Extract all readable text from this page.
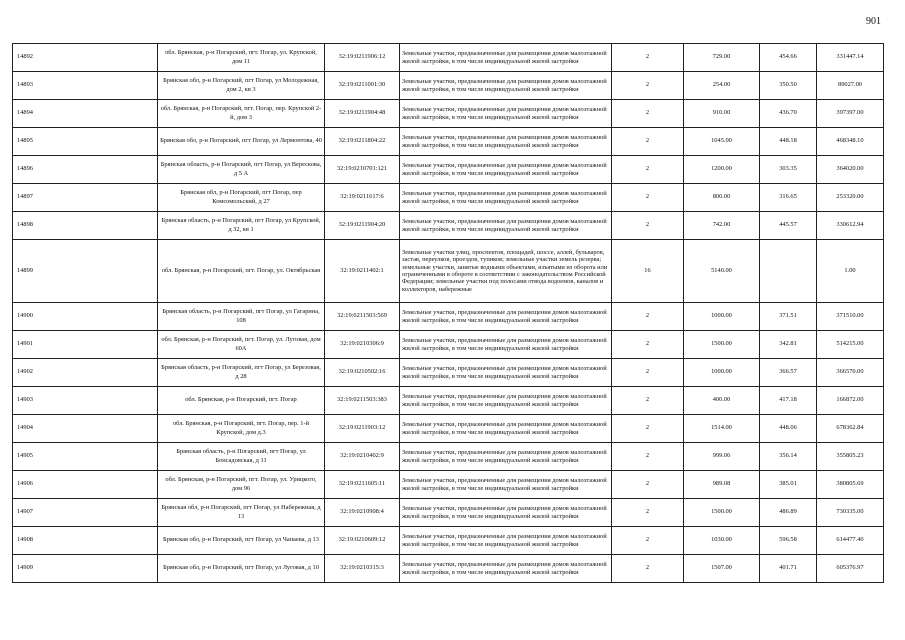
901
14892	обл. Брянская, р-н Погарский, пгт. Погар, ул. Крупской, дом 11	32:19:0211906:12	Земельные участки, предназначенные для размещения домов малоэтажной жилой застройки, в том числе индивидуальной жилой застройки	2	729.00	454.66	331447.14
14893	Брянская обл, р-н Погарский, пгт Погар, ул Молодежная, дом 2, кв 3	32:19:0211001:30	Земельные участки, предназначенные для размещения домов малоэтажной жилой застройки, в том числе индивидуальной жилой застройки	2	254.00	350.50	89027.00
14894	обл. Брянская, р-н Погарский, пгт. Погар, пер. Крупской 2-й, дом 3	32:19:0211904:48	Земельные участки, предназначенные для размещения домов малоэтажной жилой застройки, в том числе индивидуальной жилой застройки	2	910.00	436.70	397397.00
14895	Брянская обл, р-н Погарский, пгт Погар, ул Лермонтова, 40	32:19:0211804:22	Земельные участки, предназначенные для размещения домов малоэтажной жилой застройки, в том числе индивидуальной жилой застройки	2	1045.00	448.18	468348.10
14896	Брянская область, р-н Погарский, пгт Погар, ул Верескова, д 5 А	32:19:0210701:121	Земельные участки, предназначенные для размещения домов малоэтажной жилой застройки, в том числе индивидуальной жилой застройки	2	1200.00	303.35	364020.00
14897	Брянская обл, р-н Погарский, пгт Погар, пер Комсомольский, д 27	32:19:0211617:6	Земельные участки, предназначенные для размещения домов малоэтажной жилой застройки, в том числе индивидуальной жилой застройки	2	800.00	316.65	253320.00
14898	Брянская область, р-н Погарский, пгт Погар, ул Крупской, д 32, кв 1	32:19:0211904:20	Земельные участки, предназначенные для размещения домов малоэтажной жилой застройки, в том числе индивидуальной жилой застройки	2	742.00	445.57	330612.94
14899	обл. Брянская, р-н Погарский, пгт. Погар, ул. Октябрьская	32:19:0211402:1	Земельные участки улиц, проспектов, площадей, шоссе, аллей, бульваров, застав, переулков, проездов, тупиков; земельные участки земель резерва; земельные участки, занятые водными объектами, изъятыми из оборота или ограниченными в обороте в соответствии с законодательством Российской Федерации; земельные участки под полосами отвода водоемов, каналов и коллекторов, набережные	16	5140.00		1.00
14900	Брянская область, р-н Погарский, пгт Погар, ул Гагарина, 108	32:19:0211503:569	Земельные участки, предназначенные для размещения домов малоэтажной жилой застройки, в том числе индивидуальной жилой застройки	2	1000.00	371.51	371510.00
14901	обл. Брянская, р-н Погарский, пгт. Погар, ул. Луговая, дом 60А	32:19:0210306:9	Земельные участки, предназначенные для размещения домов малоэтажной жилой застройки, в том числе индивидуальной жилой застройки	2	1500.00	342.81	514215.00
14902	Брянская область, р-н Погарский, пгт Погар, ул Березовая, д 28	32:19:0210502:16	Земельные участки, предназначенные для размещения домов малоэтажной жилой застройки, в том числе индивидуальной жилой застройки	2	1000.00	366.57	366570.00
14903	обл. Брянская, р-н Погарский, пгт. Погар	32:19:0211503:383	Земельные участки, предназначенные для размещения домов малоэтажной жилой застройки, в том числе индивидуальной жилой застройки	2	400.00	417.18	166872.00
14904	обл. Брянская, р-н Погарский, пгт. Погар, пер. 1-й Крупской, дом д.3	32:19:0211903:12	Земельные участки, предназначенные для размещения домов малоэтажной жилой застройки, в том числе индивидуальной жилой застройки	2	1514.00	448.06	678362.84
14905	Брянская область, р-н Погарский, пгт Погар, ул Бонсадовская, д 11	32:19:0210402:9	Земельные участки, предназначенные для размещения домов малоэтажной жилой застройки, в том числе индивидуальной жилой застройки	2	999.06	356.14	355805.23
14906	обл. Брянская, р-н Погарский, пгт. Погар, ул. Урицкого, дом 96	32:19:0211605:11	Земельные участки, предназначенные для размещения домов малоэтажной жилой застройки, в том числе индивидуальной жилой застройки	2	989.08	385.01	380805.69
14907	Брянская обл, р-н Погарский, пгт Погар, ул Набережная, д 13	32:19:0210908:4	Земельные участки, предназначенные для размещения домов малоэтажной жилой застройки, в том числе индивидуальной жилой застройки	2	1500.00	486.89	730335.00
14908	Брянская обл, р-н Погарский, пгт Погар, ул Чапаева, д 13	32:19:0210609:12	Земельные участки, предназначенные для размещения домов малоэтажной жилой застройки, в том числе индивидуальной жилой застройки	2	1030.00	596.58	614477.40
14909	Брянская обл, р-н Погарский, пгт Погар, ул Луговая, д 10	32:19:0210315:3	Земельные участки, предназначенные для размещения домов малоэтажной жилой застройки, в том числе индивидуальной жилой застройки	2	1507.00	401.71	605376.97
